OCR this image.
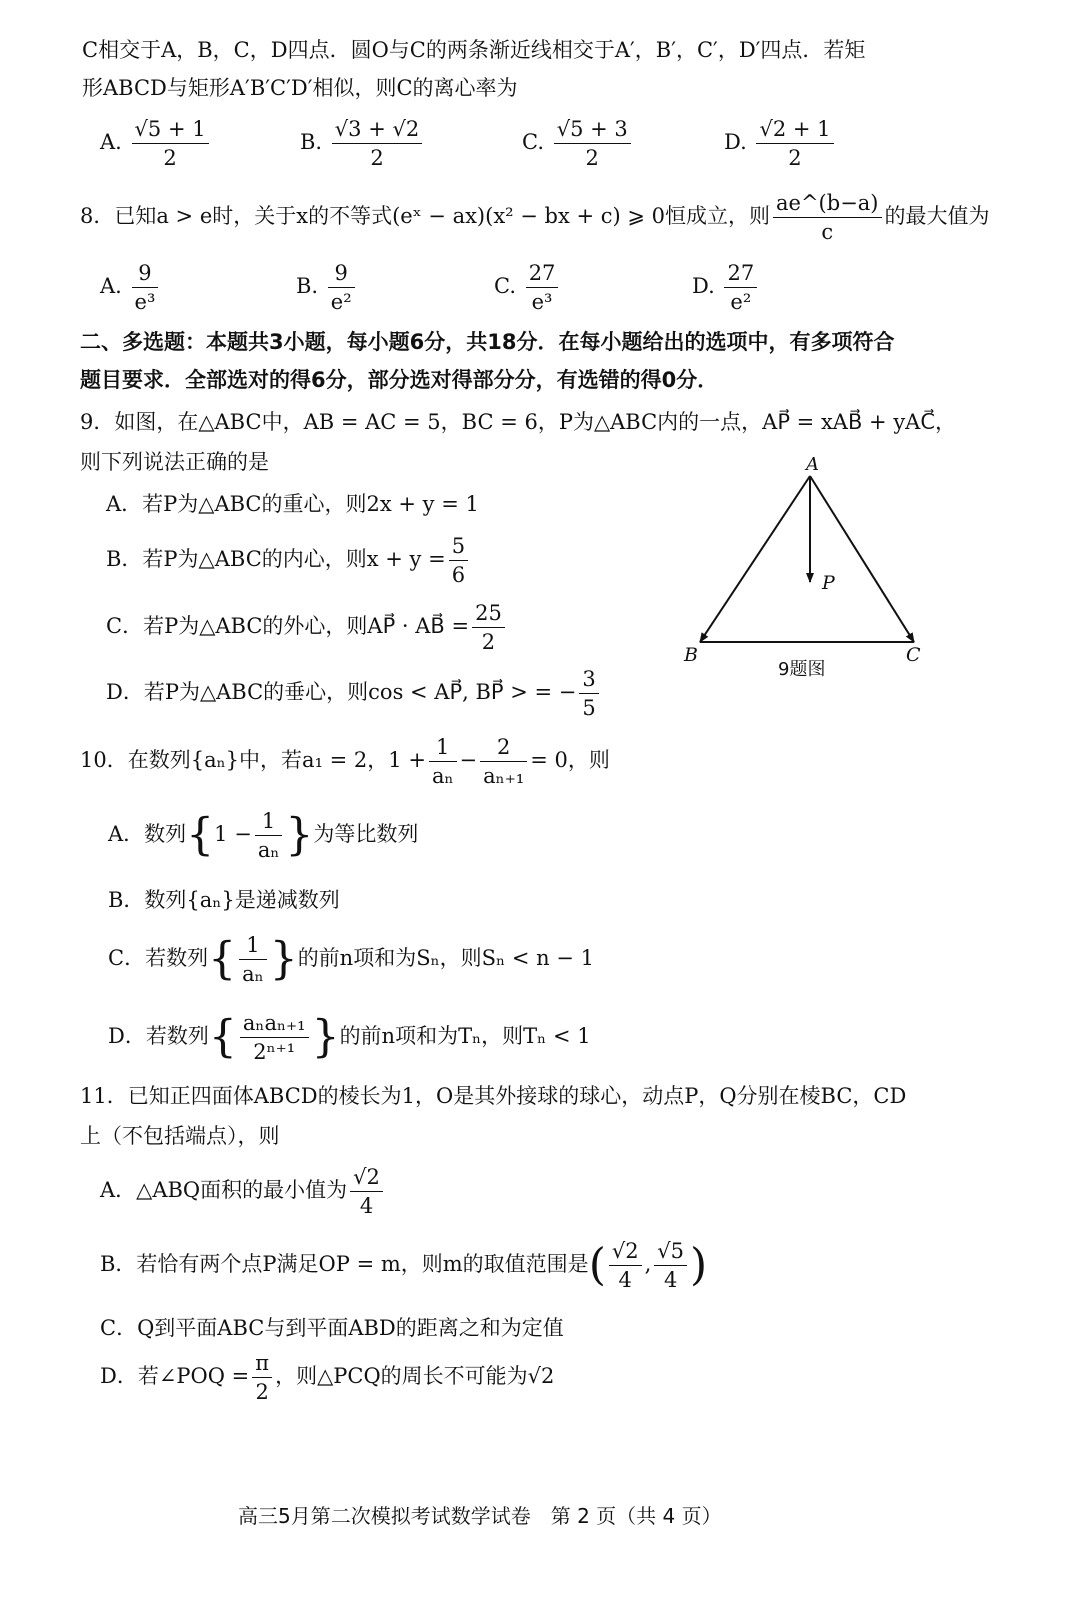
C相交于A，B，C，D四点．圆O与C的两条渐近线相交于A′，B′，C′，D′四点．若矩
形ABCD与矩形A′B′C′D′相似，则C的离心率为
A. $\frac{√5 + 1}{2}$	B. $\frac{√3 + √2}{2}$	C. $\frac{√5 + 3}{2}$	D. $\frac{√2 + 1}{2}$
8．已知a > e时，关于x的不等式(eˣ − ax)(x² − bx + c) ⩾ 0恒成立，则 $\frac{ae\^{}(b-a)}{c}$ 的最大值为
A. $\frac{9}{\text{e³}}$	B. $\frac{9}{\text{e²}}$	C. $\frac{27}{\text{e³}}$	D. $\frac{27}{\text{e²}}$
二、多选题：本题共3小题，每小题6分，共18分．在每小题给出的选项中，有多项符合
题目要求．全部选对的得6分，部分选对得部分分，有选错的得0分．
9．如图，在△ABC中，AB = AC = 5，BC = 6，P为△ABC内的一点，AP⃗ = xAB⃗ + yAC⃗，
则下列说法正确的是
A．若P为△ABC的重心，则2x + y = 1
B．若P为△ABC的内心，则$x + y = \frac{5}{6}$
C．若P为△ABC的外心，则AP⃗ · AB⃗ = $\frac{25}{2}$
D．若P为△ABC的垂心，则cos < AP⃗, BP⃗ > = − $\frac{3}{5}$
A
B	C
P
9题图
10．在数列{aₙ}中，若a₁ = 2，$1 + \frac{1}{\text{aₙ}} - \frac{2}{\text{aₙ₊₁}} = 0$，则
A．数列{$1 - \frac{1}{\text{aₙ}}$ }为等比数列
B．数列{aₙ}是递减数列
C．若数列{ $\frac{1}{\text{aₙ}}$ }的前n项和为Sₙ，则Sₙ < n − 1
D．若数列{ $\frac{\text{aₙaₙ₊₁}}{\text{2ⁿ⁺¹}}$ }的前n项和为Tₙ，则Tₙ < 1
11．已知正四面体ABCD的棱长为1，O是其外接球的球心，动点P，Q分别在棱BC，CD
上（不包括端点），则
A．△ABQ面积的最小值为 $\frac{√2}{4}$
B．若恰有两个点P满足OP = m，则m的取值范围是( $\frac{√2}{4}$ , $\frac{√5}{4}$ )
C．Q到平面ABC与到平面ABD的距离之和为定值
D．若∠POQ = $\frac{\pi}{2}$ ，则△PCQ的周长不可能为√2
高三5月第二次模拟考试数学试卷　第 2 页（共 4 页）
